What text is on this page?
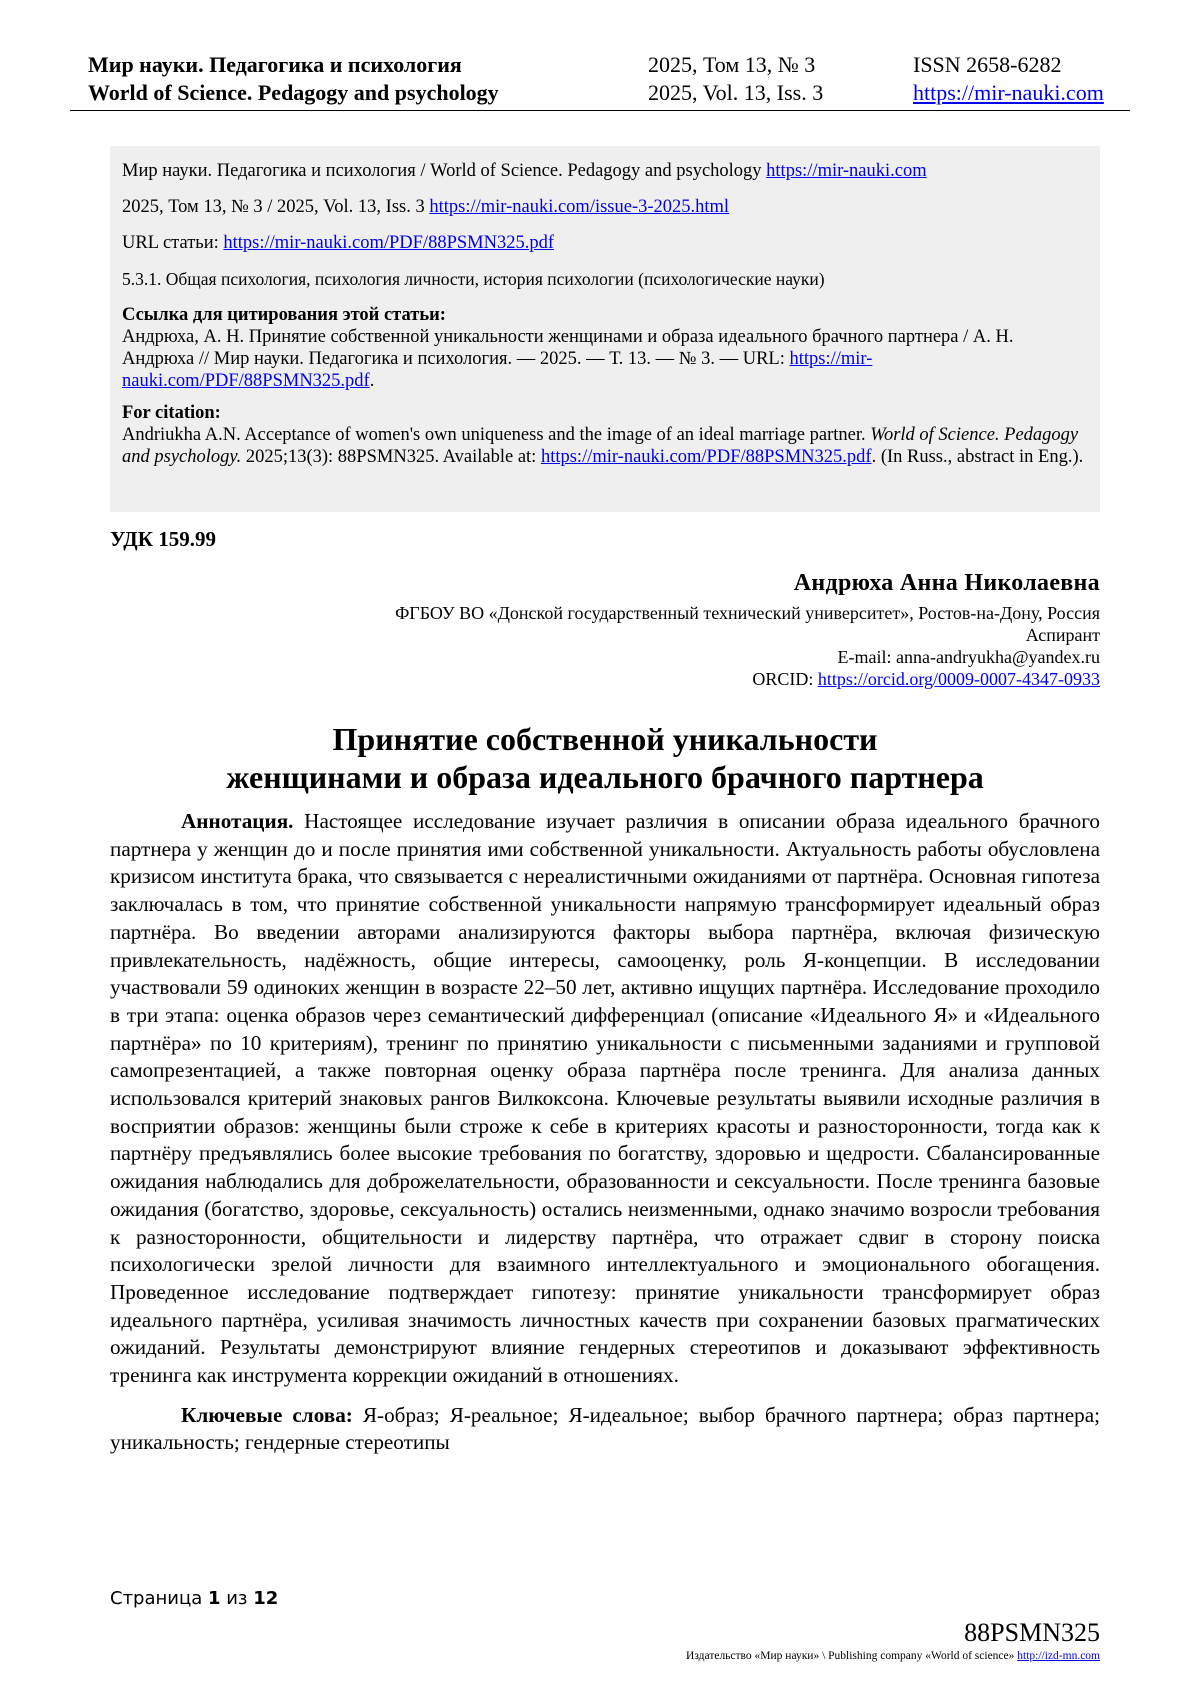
Мир науки. Педагогика и психология	2025, Том 13, № 3	ISSN 2658-6282
World of Science. Pedagogy and psychology	2025, Vol. 13, Iss. 3	https://mir-nauki.com

Мир науки. Педагогика и психология / World of Science. Pedagogy and psychology https://mir-nauki.com

2025, Том 13, № 3 / 2025, Vol. 13, Iss. 3 https://mir-nauki.com/issue-3-2025.html

URL статьи: https://mir-nauki.com/PDF/88PSMN325.pdf

5.3.1. Общая психология, психология личности, история психологии (психологические науки)

Ссылка для цитирования этой статьи:
Андрюха, А. Н. Принятие собственной уникальности женщинами и образа идеального брачного партнера / А. Н. Андрюха // Мир науки. Педагогика и психология. — 2025. — Т. 13. — № 3. — URL: https://mir-nauki.com/PDF/88PSMN325.pdf.
For citation:
Andriukha A.N. Acceptance of women's own uniqueness and the image of an ideal marriage partner. World of Science. Pedagogy and psychology. 2025;13(3): 88PSMN325. Available at: https://mir-nauki.com/PDF/88PSMN325.pdf. (In Russ., abstract in Eng.).
УДК 159.99
Андрюха Анна Николаевна
ФГБОУ ВО «Донской государственный технический университет», Ростов-на-Дону, Россия
Аспирант
E-mail: anna-andryukha@yandex.ru
ORCID: https://orcid.org/0009-0007-4347-0933
Принятие собственной уникальности
женщинами и образа идеального брачного партнера

Аннотация. Настоящее исследование изучает различия в описании образа идеального брачного партнера у женщин до и после принятия ими собственной уникальности. Актуальность работы обусловлена кризисом института брака, что связывается с нереалистичными ожиданиями от партнёра. Основная гипотеза заключалась в том, что принятие собственной уникальности напрямую трансформирует идеальный образ партнёра. Во введении авторами анализируются факторы выбора партнёра, включая физическую привлекательность, надёжность, общие интересы, самооценку, роль Я-концепции. В исследовании участвовали 59 одиноких женщин в возрасте 22–50 лет, активно ищущих партнёра. Исследование проходило в три этапа: оценка образов через семантический дифференциал (описание «Идеального Я» и «Идеального партнёра» по 10 критериям), тренинг по принятию уникальности с письменными заданиями и групповой самопрезентацией, а также повторная оценку образа партнёра после тренинга. Для анализа данных использовался критерий знаковых рангов Вилкоксона. Ключевые результаты выявили исходные различия в восприятии образов: женщины были строже к себе в критериях красоты и разносторонности, тогда как к партнёру предъявлялись более высокие требования по богатству, здоровью и щедрости. Сбалансированные ожидания наблюдались для доброжелательности, образованности и сексуальности. После тренинга базовые ожидания (богатство, здоровье, сексуальность) остались неизменными, однако значимо возросли требования к разносторонности, общительности и лидерству партнёра, что отражает сдвиг в сторону поиска психологически зрелой личности для взаимного интеллектуального и эмоционального обогащения. Проведенное исследование подтверждает гипотезу: принятие уникальности трансформирует образ идеального партнёра, усиливая значимость личностных качеств при сохранении базовых прагматических ожиданий. Результаты демонстрируют влияние гендерных стереотипов и доказывают эффективность тренинга как инструмента коррекции ожиданий в отношениях.

Ключевые слова: Я-образ; Я-реальное; Я-идеальное; выбор брачного партнера; образ партнера; уникальность; гендерные стереотипы

Страница 1 из 12
88PSMN325
Издательство «Мир науки» \ Publishing company «World of science» http://izd-mn.com
